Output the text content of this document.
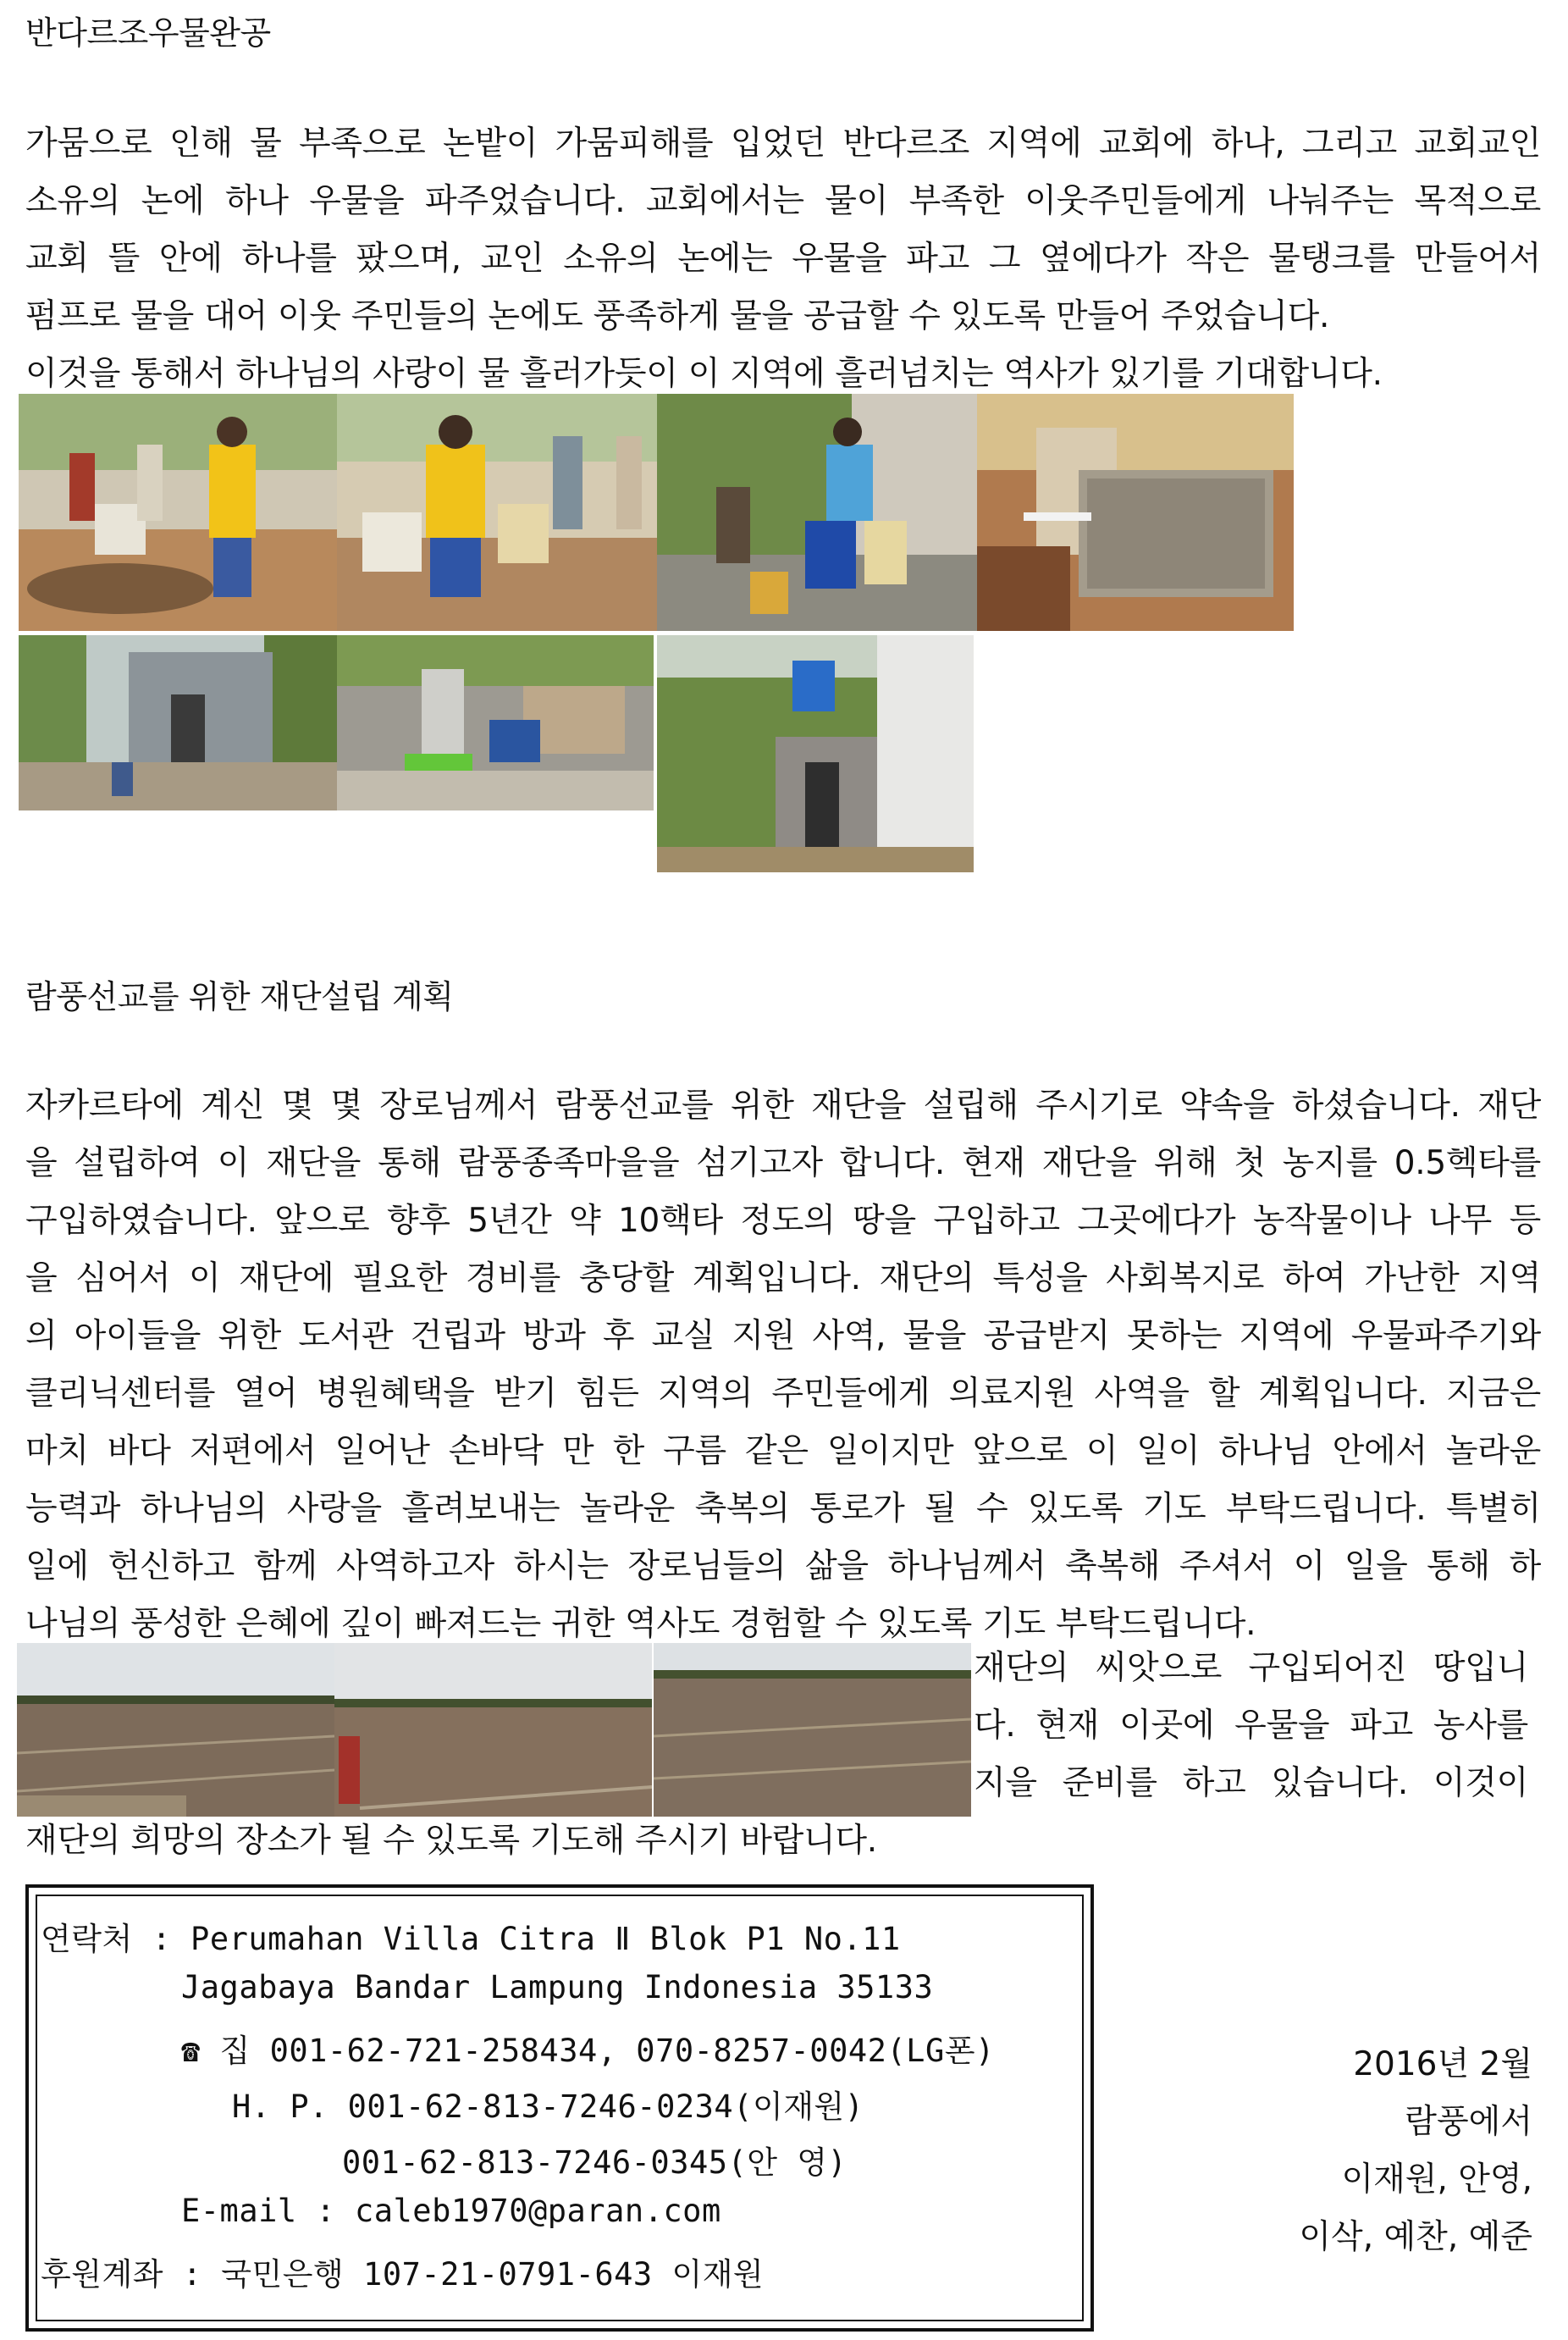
반다르조우물완공
가뭄으로 인해 물 부족으로 논밭이 가뭄피해를 입었던 반다르조 지역에 교회에 하나, 그리고 교회교인
소유의 논에 하나 우물을 파주었습니다. 교회에서는 물이 부족한 이웃주민들에게 나눠주는 목적으로
교회 뜰 안에 하나를 팠으며, 교인 소유의 논에는 우물을 파고 그 옆에다가 작은 물탱크를 만들어서
펌프로 물을 대어 이웃 주민들의 논에도 풍족하게 물을 공급할 수 있도록 만들어 주었습니다.
이것을 통해서 하나님의 사랑이 물 흘러가듯이 이 지역에 흘러넘치는 역사가 있기를 기대합니다.
람풍선교를 위한 재단설립 계획
자카르타에 계신 몇 몇 장로님께서 람풍선교를 위한 재단을 설립해 주시기로 약속을 하셨습니다. 재단
을 설립하여 이 재단을 통해 람풍종족마을을 섬기고자 합니다. 현재 재단을 위해 첫 농지를 0.5헥타를
구입하였습니다. 앞으로 향후 5년간 약 10핵타 정도의 땅을 구입하고 그곳에다가 농작물이나 나무 등
을 심어서 이 재단에 필요한 경비를 충당할 계획입니다. 재단의 특성을 사회복지로 하여 가난한 지역
의 아이들을 위한 도서관 건립과 방과 후 교실 지원 사역, 물을 공급받지 못하는 지역에 우물파주기와
클리닉센터를 열어 병원혜택을 받기 힘든 지역의 주민들에게 의료지원 사역을 할 계획입니다. 지금은
마치 바다 저편에서 일어난 손바닥 만 한 구름 같은 일이지만 앞으로 이 일이 하나님 안에서 놀라운
능력과 하나님의 사랑을 흘려보내는 놀라운 축복의 통로가 될 수 있도록 기도 부탁드립니다. 특별히
일에 헌신하고 함께 사역하고자 하시는 장로님들의 삶을 하나님께서 축복해 주셔서 이 일을 통해 하
나님의 풍성한 은혜에 깊이 빠져드는 귀한 역사도 경험할 수 있도록 기도 부탁드립니다.
재단의 씨앗으로 구입되어진 땅입니
다. 현재 이곳에 우물을 파고 농사를
지을 준비를 하고 있습니다. 이것이
재단의 희망의 장소가 될 수 있도록 기도해 주시기 바랍니다.
연락처 : Perumahan Villa Citra Ⅱ Blok P1 No.11
Jagabaya Bandar Lampung Indonesia 35133
☎ 집 001-62-721-258434, 070-8257-0042(LG폰)
H. P. 001-62-813-7246-0234(이재원)
001-62-813-7246-0345(안 영)
E-mail : caleb1970@paran.com
후원계좌 : 국민은행 107-21-0791-643 이재원
2016년 2월
람풍에서
이재원, 안영,
이삭, 예찬, 예준
